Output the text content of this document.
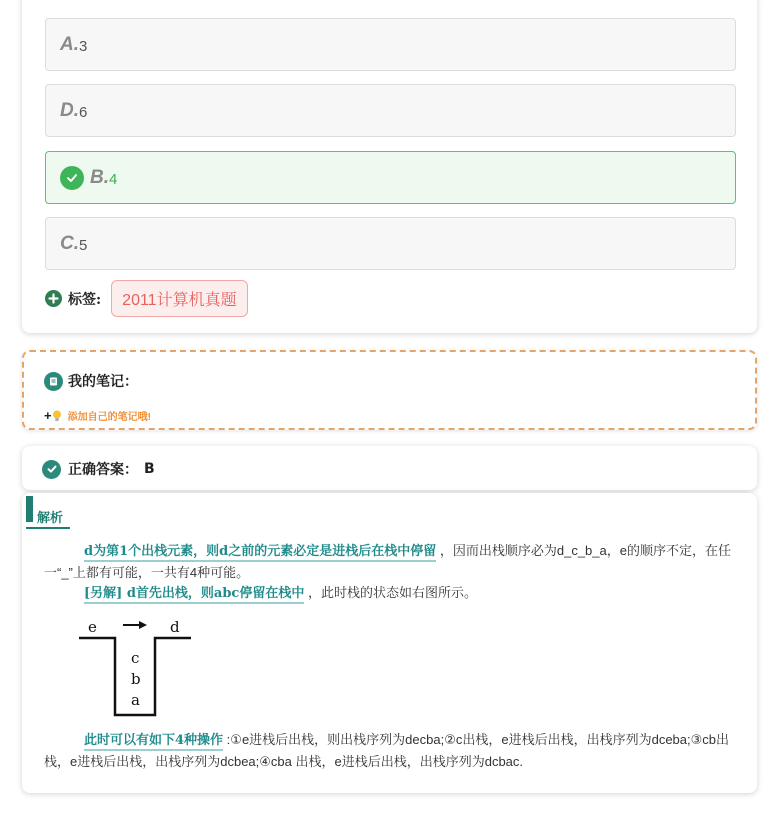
A. 3
D. 6
B. 4
C. 5
标签:	2011计算机真题
我的笔记：
+ 添加自己的笔记哦!
正确答案： B
解析
d为第1个出栈元素，则d之前的元素必定是进栈后在栈中停留 ，因而出栈顺序必为d_c_b_a，e的顺序不定，在任一“_”上都有可能，一共有4种可能。
[另解] d首先出栈，则abc停留在栈中 ，此时栈的状态如右图所示。
e	d
c
b
a
此时可以有如下4种操作 :①e进栈后出栈，则出栈序列为decba;②c出栈，e进栈后出栈，出栈序列为dceba;③cb出栈，e进栈后出栈，出栈序列为dcbea;④cba 出栈，e进栈后出栈，出栈序列为dcbac.
